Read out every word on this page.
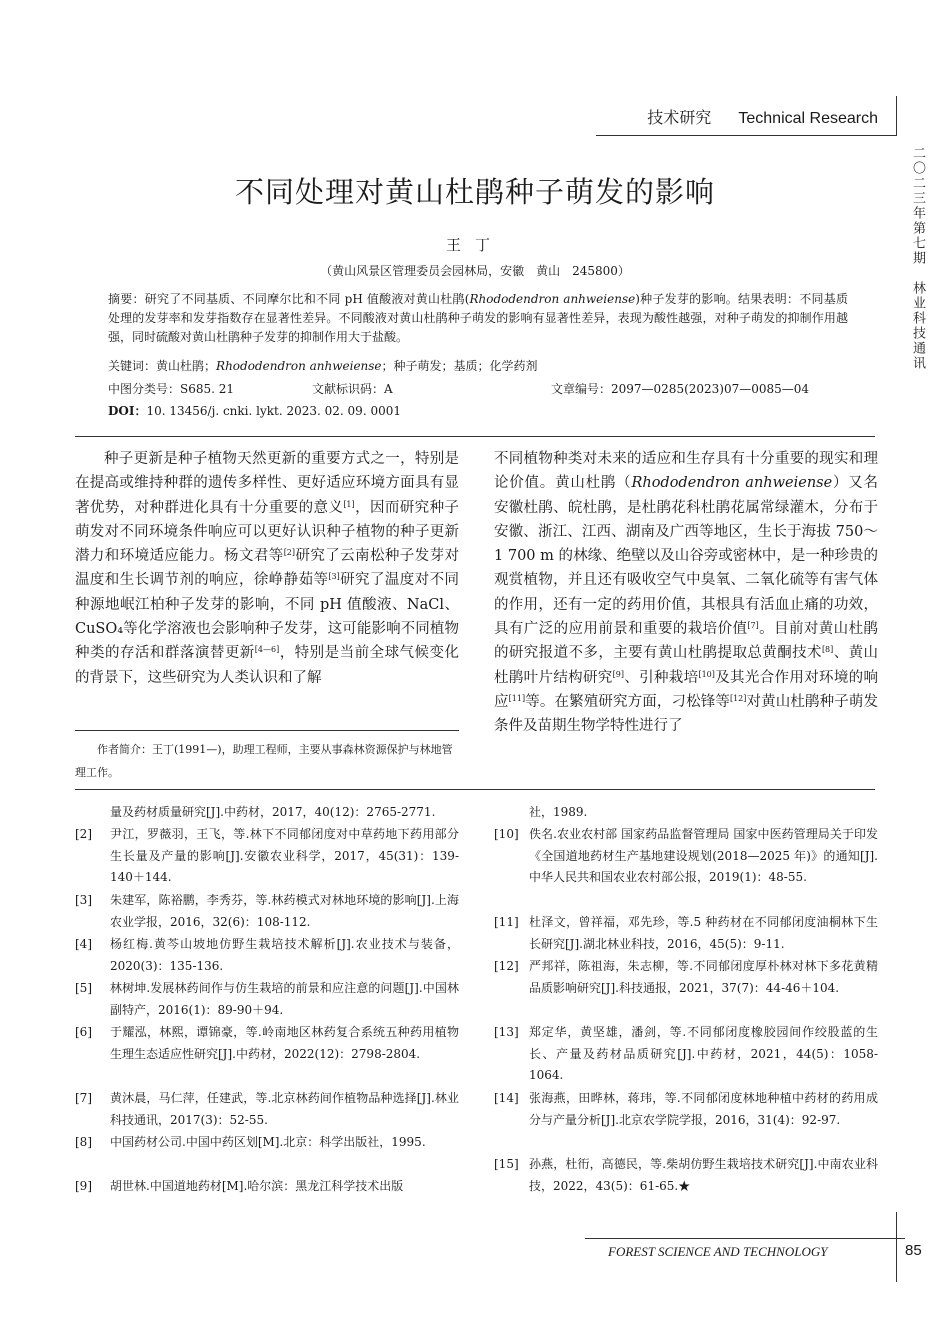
技术研究 Technical Research
二〇二三年第七期　林业科技通讯
不同处理对黄山杜鹃种子萌发的影响
王丁
（黄山风景区管理委员会园林局，安徽　黄山　245800）
摘要：研究了不同基质、不同摩尔比和不同 pH 值酸液对黄山杜鹃(Rhododendron anhweiense)种子发芽的影响。结果表明：不同基质处理的发芽率和发芽指数存在显著性差异。不同酸液对黄山杜鹃种子萌发的影响有显著性差异，表现为酸性越强，对种子萌发的抑制作用越强，同时硫酸对黄山杜鹃种子发芽的抑制作用大于盐酸。
关键词：黄山杜鹃；Rhododendron anhweiense；种子萌发；基质；化学药剂
中图分类号：S685. 21	文献标识码：A	文章编号：2097—0285(2023)07—0085—04
DOI：10. 13456/j. cnki. lykt. 2023. 02. 09. 0001
种子更新是种子植物天然更新的重要方式之一，特别是在提高或维持种群的遗传多样性、更好适应环境方面具有显著优势，对种群进化具有十分重要的意义[1]，因而研究种子萌发对不同环境条件响应可以更好认识种子植物的种子更新潜力和环境适应能力。杨文君等[2]研究了云南松种子发芽对温度和生长调节剂的响应，徐峥静茹等[3]研究了温度对不同种源地岷江柏种子发芽的影响，不同 pH 值酸液、NaCl、CuSO₄等化学溶液也会影响种子发芽，这可能影响不同植物种类的存活和群落演替更新[4—6]，特别是当前全球气候变化的背景下，这些研究为人类认识和了解
不同植物种类对未来的适应和生存具有十分重要的现实和理论价值。黄山杜鹃（Rhododendron anhweiense）又名安徽杜鹃、皖杜鹃，是杜鹃花科杜鹃花属常绿灌木，分布于安徽、浙江、江西、湖南及广西等地区，生长于海拔 750～1 700 m 的林缘、绝壁以及山谷旁或密林中，是一种珍贵的观赏植物，并且还有吸收空气中臭氧、二氧化硫等有害气体的作用，还有一定的药用价值，其根具有活血止痛的功效，具有广泛的应用前景和重要的栽培价值[7]。目前对黄山杜鹃的研究报道不多，主要有黄山杜鹃提取总黄酮技术[8]、黄山杜鹃叶片结构研究[9]、引种栽培[10]及其光合作用对环境的响应[11]等。在繁殖研究方面，刁松锋等[12]对黄山杜鹃种子萌发条件及苗期生物学特性进行了
作者简介：王丁(1991—)，助理工程师，主要从事森林资源保护与林地管理工作。
量及药材质量研究[J].中药材，2017，40(12)：2765-2771.
[2] 尹江，罗薇羽，王飞，等.林下不同郁闭度对中草药地下药用部分生长量及产量的影响[J].安徽农业科学，2017，45(31)：139-140＋144.
[3] 朱建军，陈裕鹏，李秀芬，等.林药模式对林地环境的影响[J].上海农业学报，2016，32(6)：108-112.
[4] 杨红梅.黄芩山坡地仿野生栽培技术解析[J].农业技术与装备，2020(3)：135-136.
[5] 林树坤.发展林药间作与仿生栽培的前景和应注意的问题[J].中国林副特产，2016(1)：89-90＋94.
[6] 于耀泓，林熙，谭锦豪，等.岭南地区林药复合系统五种药用植物生理生态适应性研究[J].中药材，2022(12)：2798-2804.
[7] 黄沐晨，马仁萍，任建武，等.北京林药间作植物品种选择[J].林业科技通讯，2017(3)：52-55.
[8] 中国药材公司.中国中药区划[M].北京：科学出版社，1995.
[9] 胡世林.中国道地药材[M].哈尔滨：黑龙江科学技术出版
社，1989.
[10] 佚名.农业农村部 国家药品监督管理局 国家中医药管理局关于印发《全国道地药材生产基地建设规划(2018—2025 年)》的通知[J].中华人民共和国农业农村部公报，2019(1)：48-55.
[11] 杜泽文，曾祥福，邓先珍，等.5 种药材在不同郁闭度油桐林下生长研究[J].湖北林业科技，2016，45(5)：9-11.
[12] 严邦祥，陈祖海，朱志柳，等.不同郁闭度厚朴林对林下多花黄精品质影响研究[J].科技通报，2021，37(7)：44-46＋104.
[13] 郑定华，黄坚雄，潘剑，等.不同郁闭度橡胶园间作绞股蓝的生长、产量及药材品质研究[J].中药材，2021，44(5)：1058-1064.
[14] 张海燕，田晔林，蒋玮，等.不同郁闭度林地种植中药材的药用成分与产量分析[J].北京农学院学报，2016，31(4)：92-97.
[15] 孙燕，杜衎，高德民，等.柴胡仿野生栽培技术研究[J].中南农业科技，2022，43(5)：61-65.★
FOREST SCIENCE AND TECHNOLOGY	85
